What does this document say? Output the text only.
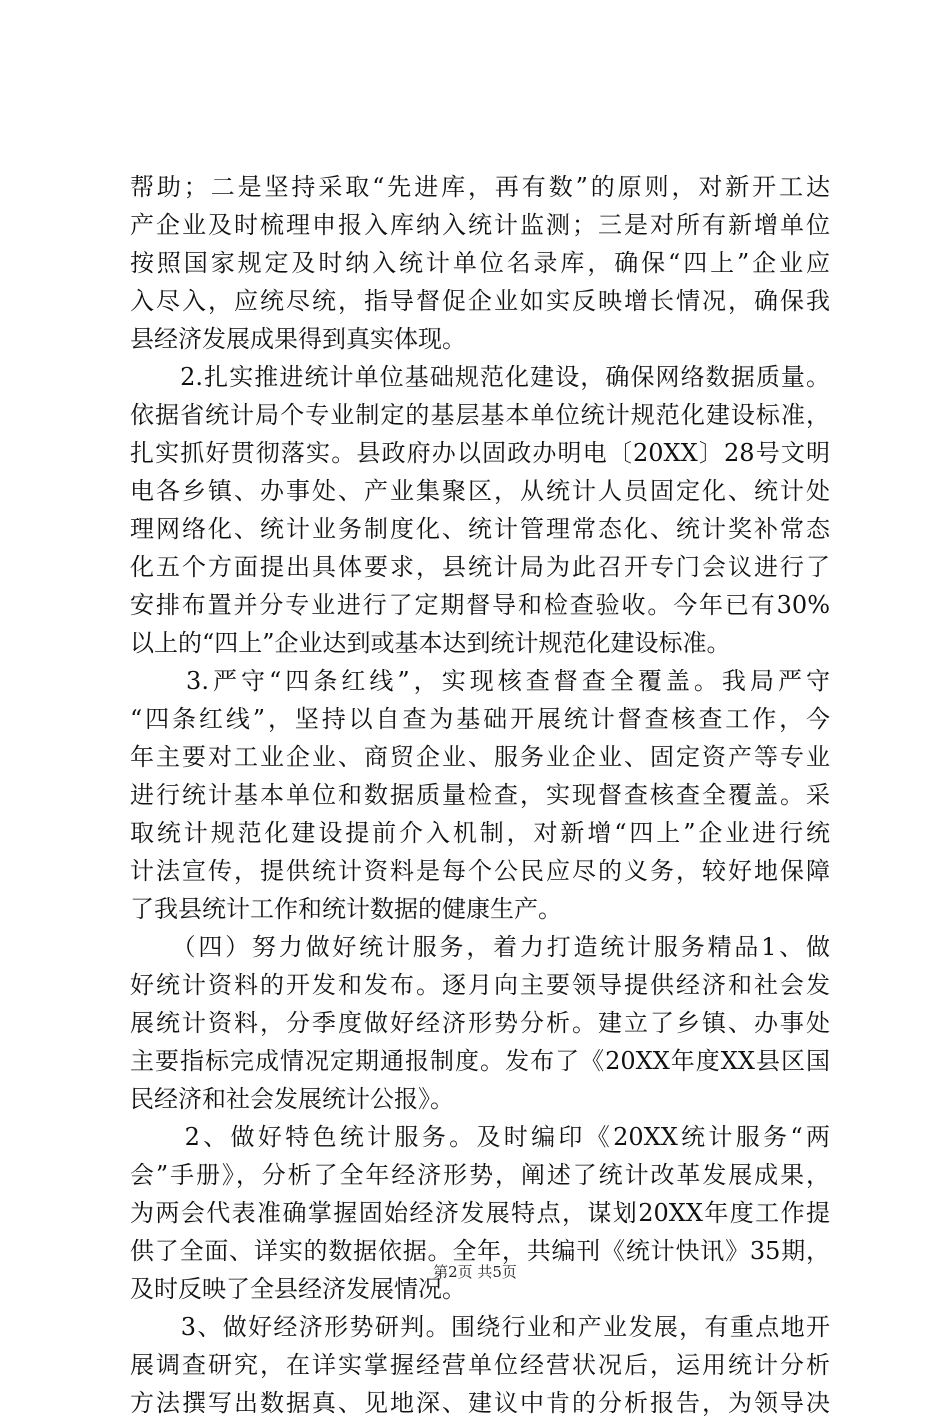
帮助；二是坚持采取“先进库，再有数”的原则，对新开工达
产企业及时梳理申报入库纳入统计监测；三是对所有新增单位
按照国家规定及时纳入统计单位名录库，确保“四上”企业应
入尽入，应统尽统，指导督促企业如实反映增长情况，确保我
县经济发展成果得到真实体现。
　　2.扎实推进统计单位基础规范化建设，确保网络数据质量。
依据省统计局个专业制定的基层基本单位统计规范化建设标准，
扎实抓好贯彻落实。县政府办以固政办明电〔20XX〕28号文明
电各乡镇、办事处、产业集聚区，从统计人员固定化、统计处
理网络化、统计业务制度化、统计管理常态化、统计奖补常态
化五个方面提出具体要求，县统计局为此召开专门会议进行了
安排布置并分专业进行了定期督导和检查验收。今年已有30%
以上的“四上”企业达到或基本达到统计规范化建设标准。
　　3.严守“四条红线”，实现核查督查全覆盖。我局严守
“四条红线”，坚持以自查为基础开展统计督查核查工作，今
年主要对工业企业、商贸企业、服务业企业、固定资产等专业
进行统计基本单位和数据质量检查，实现督查核查全覆盖。采
取统计规范化建设提前介入机制，对新增“四上”企业进行统
计法宣传，提供统计资料是每个公民应尽的义务，较好地保障
了我县统计工作和统计数据的健康生产。
　　（四）努力做好统计服务，着力打造统计服务精品1、做
好统计资料的开发和发布。逐月向主要领导提供经济和社会发
展统计资料，分季度做好经济形势分析。建立了乡镇、办事处
主要指标完成情况定期通报制度。发布了《20XX年度XX县区国
民经济和社会发展统计公报》。
　　2、做好特色统计服务。及时编印《20XX统计服务“两
会”手册》，分析了全年经济形势，阐述了统计改革发展成果，
为两会代表准确掌握固始经济发展特点，谋划20XX年度工作提
供了全面、详实的数据依据。全年，共编刊《统计快讯》35期，
及时反映了全县经济发展情况。
　　3、做好经济形势研判。围绕行业和产业发展，有重点地开
展调查研究，在详实掌握经营单位经营状况后，运用统计分析
方法撰写出数据真、见地深、建议中肯的分析报告，为领导决
第2页 共5页
